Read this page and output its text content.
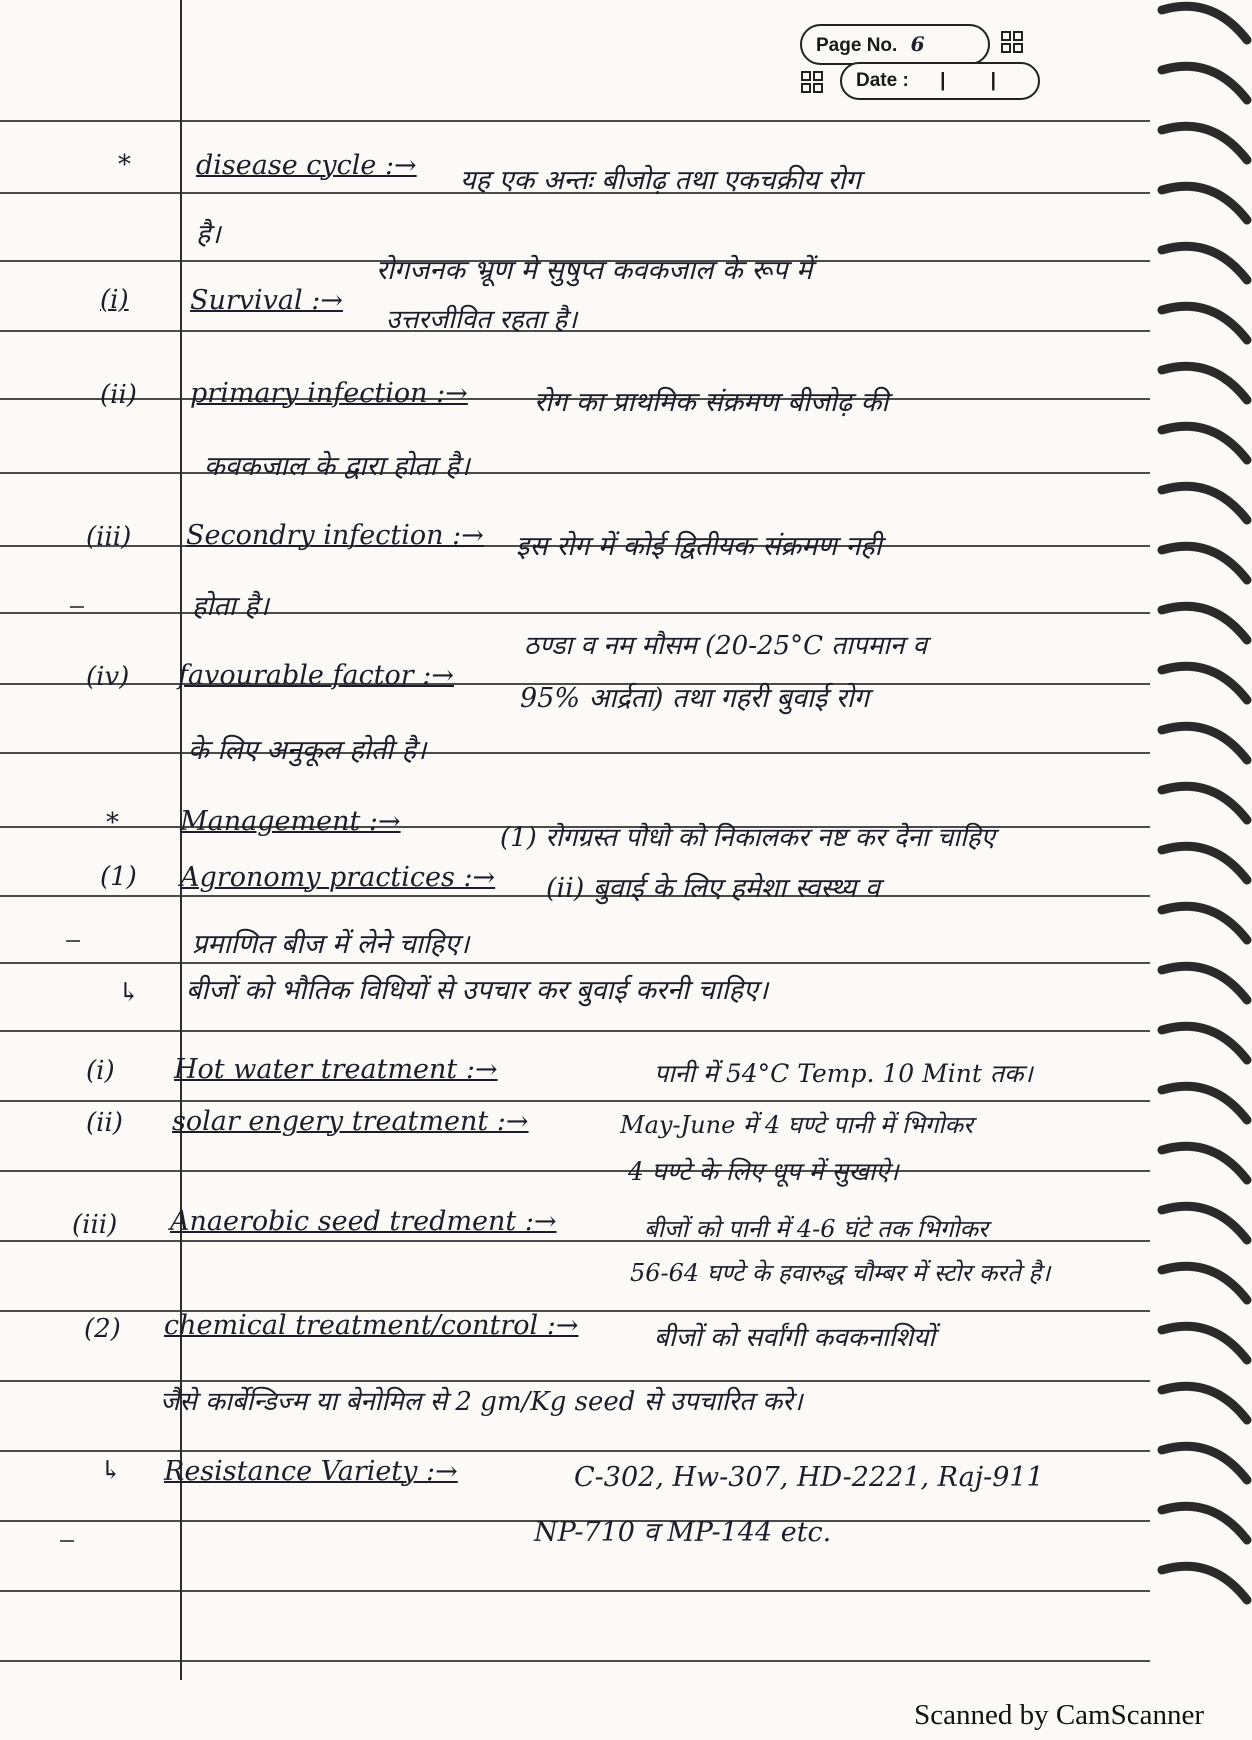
Page No. 6
Date : | |
* disease cycle :→ यह एक अन्तः बीजोढ़ तथा एकचक्रीय रोग
है।
(i) Survival :→
रोगजनक भ्रूण मे सुषुप्त कवकजाल के रूप में
उत्तरजीवित रहता है।
(ii) primary infection :→ रोग का प्राथमिक संक्रमण बीजोढ़ की
कवकजाल के द्वारा होता है।
(iii) Secondry infection :→ इस रोग में कोई द्वितीयक संक्रमण नही
होता है।
(iv) favourable factor :→
ठण्डा व नम मौसम (20-25°C तापमान व
95% आर्द्रता) तथा गहरी बुवाई रोग
के लिए अनुकूल होती है।
* Management :→
(1) रोगग्रस्त पौधो को निकालकर नष्ट कर देना चाहिए
(1) Agronomy practices :→ (ii) बुवाई के लिए हमेशा स्वस्थ्य व
प्रमाणित बीज में लेने चाहिए।
↳ बीजों को भौतिक विधियों से उपचार कर बुवाई करनी चाहिए।
(i) Hot water treatment :→	पानी में 54°C Temp. 10 Mint तक।
(ii) solar engery treatment :→	May-June में 4 घण्टे पानी में भिगोकर
4 घण्टे के लिए धूप में सुखाऐ।
(iii) Anaerobic seed tredment :→	बीजों को पानी में 4-6 घंटे तक भिगोकर
56-64 घण्टे के हवारुद्ध चौम्बर में स्टोर करते है।
(2) chemical treatment/control :→	बीजों को सर्वांगी कवकनाशियों
जैसे कार्बेन्डिज्म या बेनोमिल से 2 gm/Kg seed से उपचारित करे।
↳ Resistance Variety :→	C-302, Hw-307, HD-2221, Raj-911
NP-710 व MP-144 etc.
Scanned by CamScanner
